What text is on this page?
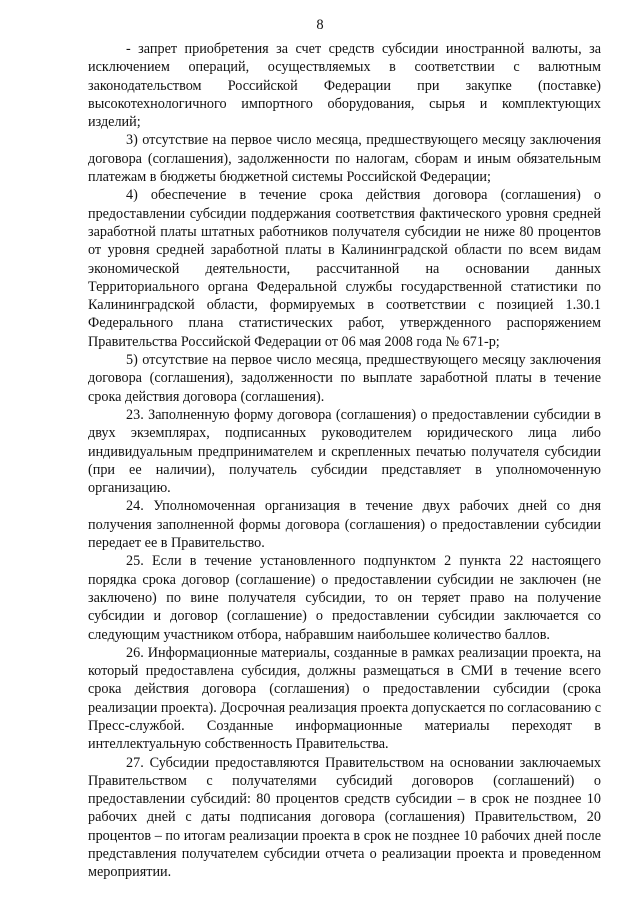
8

- запрет приобретения за счет средств субсидии иностранной валюты, за исключением операций, осуществляемых в соответствии с валютным законодательством Российской Федерации при закупке (поставке) высокотехнологичного импортного оборудования, сырья и комплектующих изделий;

3) отсутствие на первое число месяца, предшествующего месяцу заключения договора (соглашения), задолженности по налогам, сборам и иным обязательным платежам в бюджеты бюджетной системы Российской Федерации;

4) обеспечение в течение срока действия договора (соглашения) о предоставлении субсидии поддержания соответствия фактического уровня средней заработной платы штатных работников получателя субсидии не ниже 80 процентов от уровня средней заработной платы в Калининградской области по всем видам экономической деятельности, рассчитанной на основании данных Территориального органа Федеральной службы государственной статистики по Калининградской области, формируемых в соответствии с позицией 1.30.1 Федерального плана статистических работ, утвержденного распоряжением Правительства Российской Федерации от 06 мая 2008 года № 671-р;

5) отсутствие на первое число месяца, предшествующего месяцу заключения договора (соглашения), задолженности по выплате заработной платы в течение срока действия договора (соглашения).

23. Заполненную форму договора (соглашения) о предоставлении субсидии в двух экземплярах, подписанных руководителем юридического лица либо индивидуальным предпринимателем и скрепленных печатью получателя субсидии (при ее наличии), получатель субсидии представляет в уполномоченную организацию.

24. Уполномоченная организация в течение двух рабочих дней со дня получения заполненной формы договора (соглашения) о предоставлении субсидии передает ее в Правительство.

25. Если в течение установленного подпунктом 2 пункта 22 настоящего порядка срока договор (соглашение) о предоставлении субсидии не заключен (не заключено) по вине получателя субсидии, то он теряет право на получение субсидии и договор (соглашение) о предоставлении субсидии заключается со следующим участником отбора, набравшим наибольшее количество баллов.

26. Информационные материалы, созданные в рамках реализации проекта, на который предоставлена субсидия, должны размещаться в СМИ в течение всего срока действия договора (соглашения) о предоставлении субсидии (срока реализации проекта). Досрочная реализация проекта допускается по согласованию с Пресс-службой. Созданные информационные материалы переходят в интеллектуальную собственность Правительства.

27. Субсидии предоставляются Правительством на основании заключаемых Правительством с получателями субсидий договоров (соглашений) о предоставлении субсидий: 80 процентов средств субсидии – в срок не позднее 10 рабочих дней с даты подписания договора (соглашения) Правительством, 20 процентов – по итогам реализации проекта в срок не позднее 10 рабочих дней после представления получателем субсидии отчета о реализации проекта и проведенном мероприятии.
